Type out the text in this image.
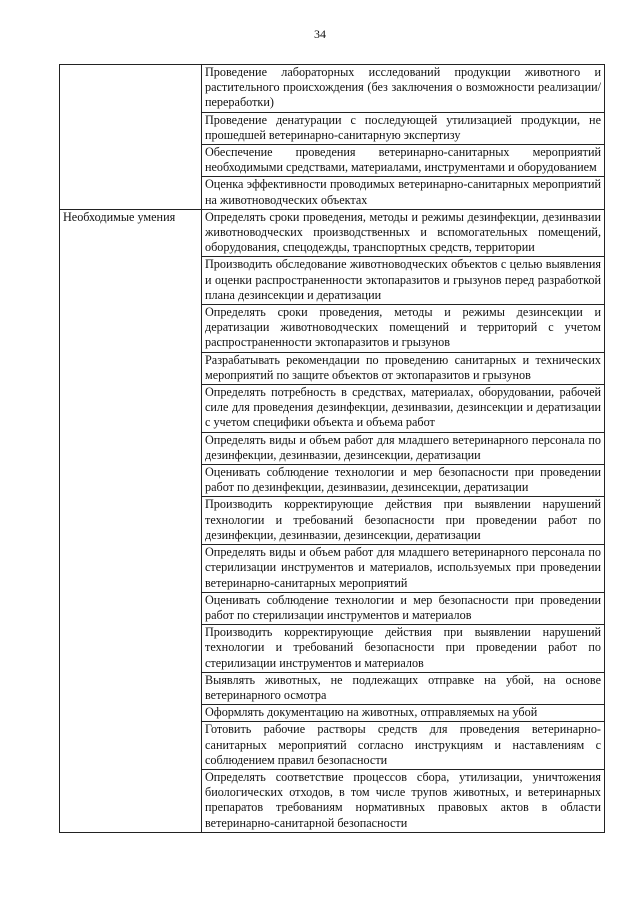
34
	Проведение лабораторных исследований продукции животного и растительного происхождения (без заключения о возможности реализации/переработки)
	Проведение денатурации с последующей утилизацией продукции, не прошедшей ветеринарно-санитарную экспертизу
	Обеспечение проведения ветеринарно-санитарных мероприятий необходимыми средствами, материалами, инструментами и оборудованием
	Оценка эффективности проводимых ветеринарно-санитарных мероприятий на животноводческих объектах
Необходимые умения	Определять сроки проведения, методы и режимы дезинфекции, дезинвазии животноводческих производственных и вспомогательных помещений, оборудования, спецодежды, транспортных средств, территории
	Производить обследование животноводческих объектов с целью выявления и оценки распространенности эктопаразитов и грызунов перед разработкой плана дезинсекции и дератизации
	Определять сроки проведения, методы и режимы дезинсекции и дератизации животноводческих помещений и территорий с учетом распространенности эктопаразитов и грызунов
	Разрабатывать рекомендации по проведению санитарных и технических мероприятий по защите объектов от эктопаразитов и грызунов
	Определять потребность в средствах, материалах, оборудовании, рабочей силе для проведения дезинфекции, дезинвазии, дезинсекции и дератизации с учетом специфики объекта и объема работ
	Определять виды и объем работ для младшего ветеринарного персонала по дезинфекции, дезинвазии, дезинсекции, дератизации
	Оценивать соблюдение технологии и мер безопасности при проведении работ по дезинфекции, дезинвазии, дезинсекции, дератизации
	Производить корректирующие действия при выявлении нарушений технологии и требований безопасности при проведении работ по дезинфекции, дезинвазии, дезинсекции, дератизации
	Определять виды и объем работ для младшего ветеринарного персонала по стерилизации инструментов и материалов, используемых при проведении ветеринарно-санитарных мероприятий
	Оценивать соблюдение технологии и мер безопасности при проведении работ по стерилизации инструментов и материалов
	Производить корректирующие действия при выявлении нарушений технологии и требований безопасности при проведении работ по стерилизации инструментов и материалов
	Выявлять животных, не подлежащих отправке на убой, на основе ветеринарного осмотра
	Оформлять документацию на животных, отправляемых на убой
	Готовить рабочие растворы средств для проведения ветеринарно-санитарных мероприятий согласно инструкциям и наставлениям с соблюдением правил безопасности
	Определять соответствие процессов сбора, утилизации, уничтожения биологических отходов, в том числе трупов животных, и ветеринарных препаратов требованиям нормативных правовых актов в области ветеринарно-санитарной безопасности
